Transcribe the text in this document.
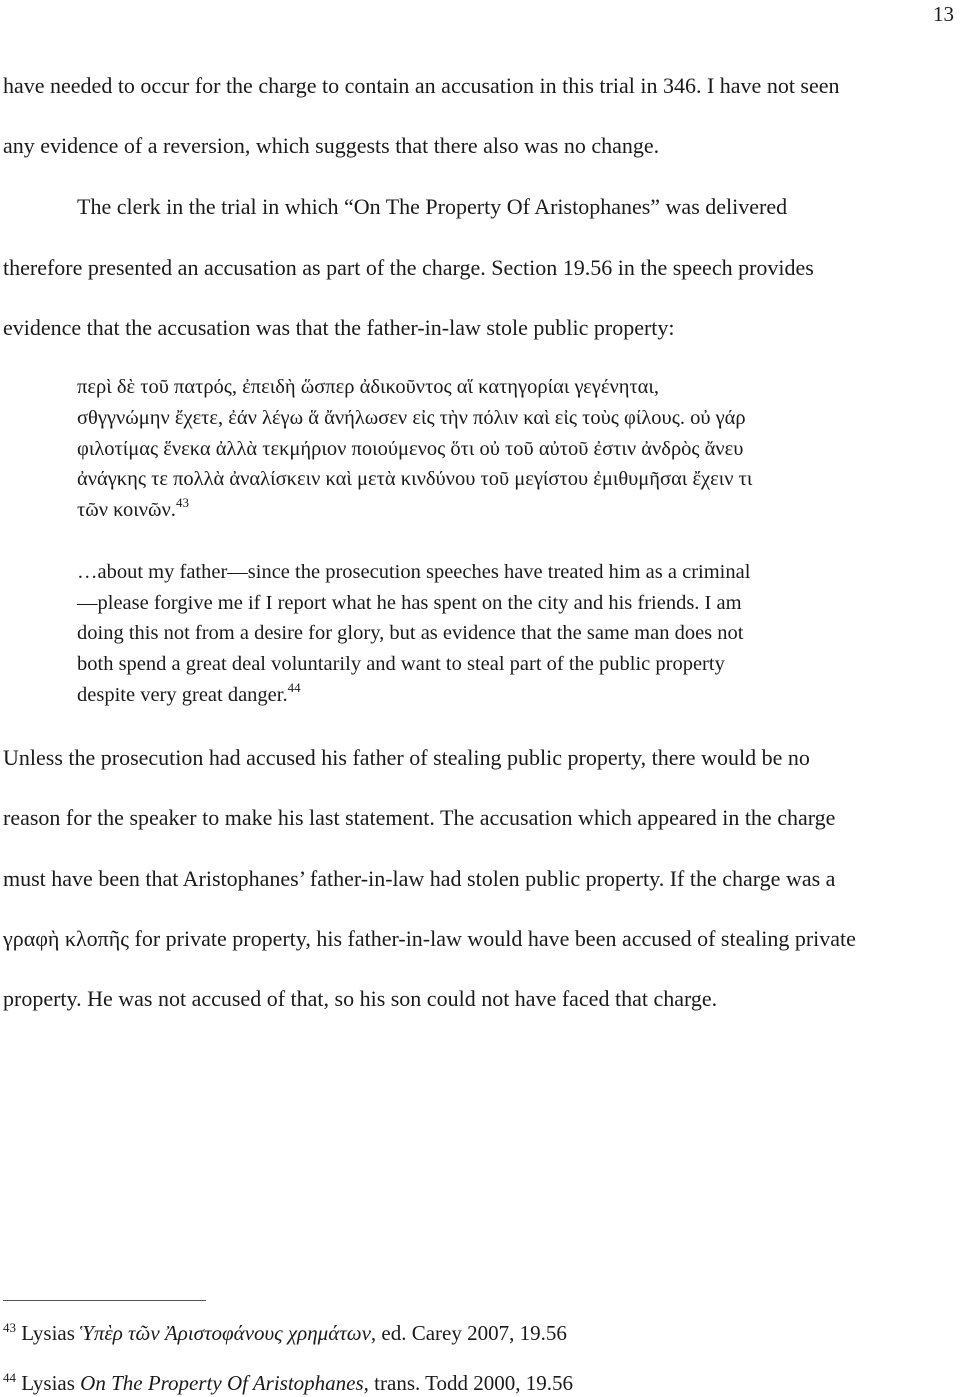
13
have needed to occur for the charge to contain an accusation in this trial in 346. I have not seen
any evidence of a reversion, which suggests that there also was no change.
The clerk in the trial in which “On The Property Of Aristophanes” was delivered
therefore presented an accusation as part of the charge. Section 19.56 in the speech provides
evidence that the accusation was that the father-in-law stole public property:
περὶ δὲ τοῦ πατρός, ἐπειδὴ ὥσπερ ἀδικοῦντος αἵ κατηγορίαι γεγένηται,
σθγγνώμην ἔχετε, ἐάν λέγω ἅ ἄνήλωσεν εἰς τὴν πόλιν καὶ εἰς τοὺς φίλους. οὐ γάρ
φιλοτίμας ἕνεκα ἀλλὰ τεκμήριον ποιούμενος ὅτι οὐ τοῦ αὐτοῦ ἐστιν ἀνδρὸς ἄνευ
ἀνάγκης τε πολλὰ ἀναλίσκειν καὶ μετὰ κινδύνου τοῦ μεγίστου ἐμιθυμῆσαι ἔχειν τι
τῶν κοινῶν.$^{43}$
…about my father—since the prosecution speeches have treated him as a criminal
—please forgive me if I report what he has spent on the city and his friends. I am
doing this not from a desire for glory, but as evidence that the same man does not
both spend a great deal voluntarily and want to steal part of the public property
despite very great danger.$^{44}$
Unless the prosecution had accused his father of stealing public property, there would be no
reason for the speaker to make his last statement. The accusation which appeared in the charge
must have been that Aristophanes’ father-in-law had stolen public property. If the charge was a
γραφὴ κλοπῆς for private property, his father-in-law would have been accused of stealing private
property. He was not accused of that, so his son could not have faced that charge.
$^{43}$ Lysias Ὑπὲρ τῶν Ἀριστοφάνους χρημάτων, ed. Carey 2007, 19.56
$^{44}$ Lysias On The Property Of Aristophanes, trans. Todd 2000, 19.56
